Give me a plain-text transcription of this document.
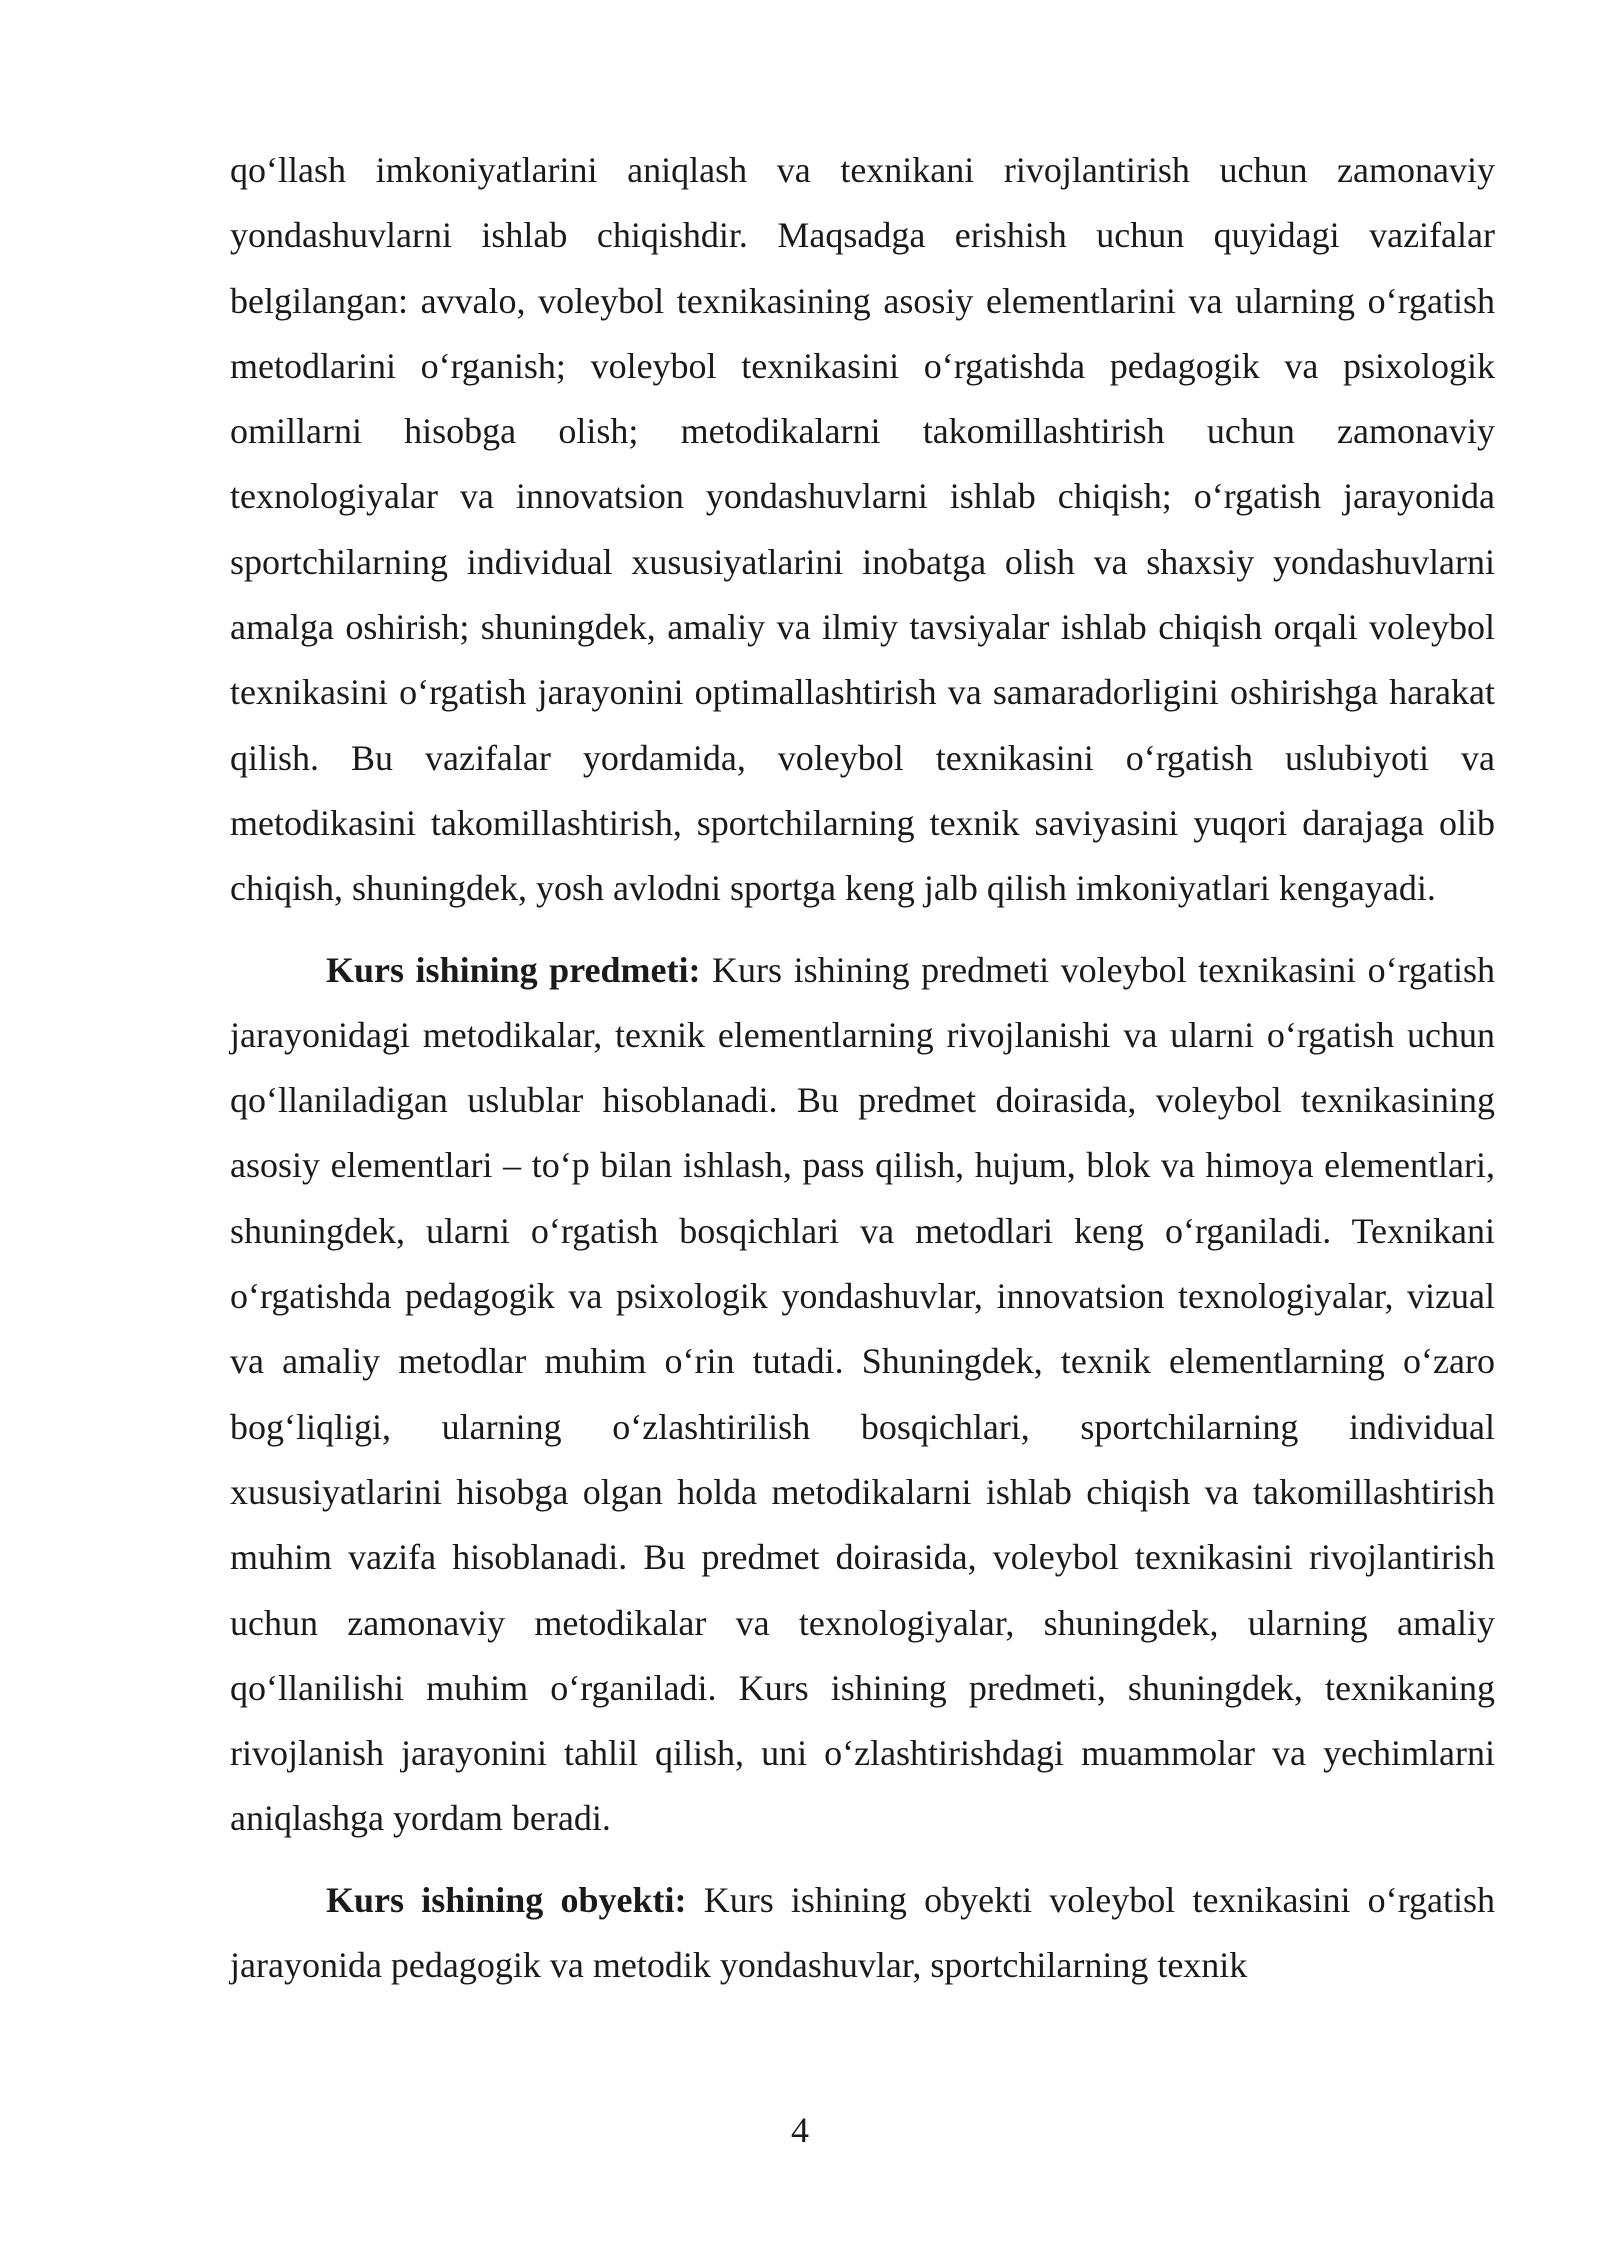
qo‘llash imkoniyatlarini aniqlash va texnikani rivojlantirish uchun zamonaviy yondashuvlarni ishlab chiqishdir. Maqsadga erishish uchun quyidagi vazifalar belgilangan: avvalo, voleybol texnikasining asosiy elementlarini va ularning o‘rgatish metodlarini o‘rganish; voleybol texnikasini o‘rgatishda pedagogik va psixologik omillarni hisobga olish; metodikalarni takomillashtirish uchun zamonaviy texnologiyalar va innovatsion yondashuvlarni ishlab chiqish; o‘rgatish jarayonida sportchilarning individual xususiyatlarini inobatga olish va shaxsiy yondashuvlarni amalga oshirish; shuningdek, amaliy va ilmiy tavsiyalar ishlab chiqish orqali voleybol texnikasini o‘rgatish jarayonini optimallashtirish va samaradorligini oshirishga harakat qilish. Bu vazifalar yordamida, voleybol texnikasini o‘rgatish uslubiyoti va metodikasini takomillashtirish, sportchilarning texnik saviyasini yuqori darajaga olib chiqish, shuningdek, yosh avlodni sportga keng jalb qilish imkoniyatlari kengayadi.

Kurs ishining predmeti: Kurs ishining predmeti voleybol texnikasini o‘rgatish jarayonidagi metodikalar, texnik elementlarning rivojlanishi va ularni o‘rgatish uchun qo‘llaniladigan uslublar hisoblanadi. Bu predmet doirasida, voleybol texnikasining asosiy elementlari – to‘p bilan ishlash, pass qilish, hujum, blok va himoya elementlari, shuningdek, ularni o‘rgatish bosqichlari va metodlari keng o‘rganiladi. Texnikani o‘rgatishda pedagogik va psixologik yondashuvlar, innovatsion texnologiyalar, vizual va amaliy metodlar muhim o‘rin tutadi. Shuningdek, texnik elementlarning o‘zaro bog‘liqligi, ularning o‘zlashtirilish bosqichlari, sportchilarning individual xususiyatlarini hisobga olgan holda metodikalarni ishlab chiqish va takomillashtirish muhim vazifa hisoblanadi. Bu predmet doirasida, voleybol texnikasini rivojlantirish uchun zamonaviy metodikalar va texnologiyalar, shuningdek, ularning amaliy qo‘llanilishi muhim o‘rganiladi. Kurs ishining predmeti, shuningdek, texnikaning rivojlanish jarayonini tahlil qilish, uni o‘zlashtirishdagi muammolar va yechimlarni aniqlashga yordam beradi.

Kurs ishining obyekti: Kurs ishining obyekti voleybol texnikasini o‘rgatish jarayonida pedagogik va metodik yondashuvlar, sportchilarning texnik

4
